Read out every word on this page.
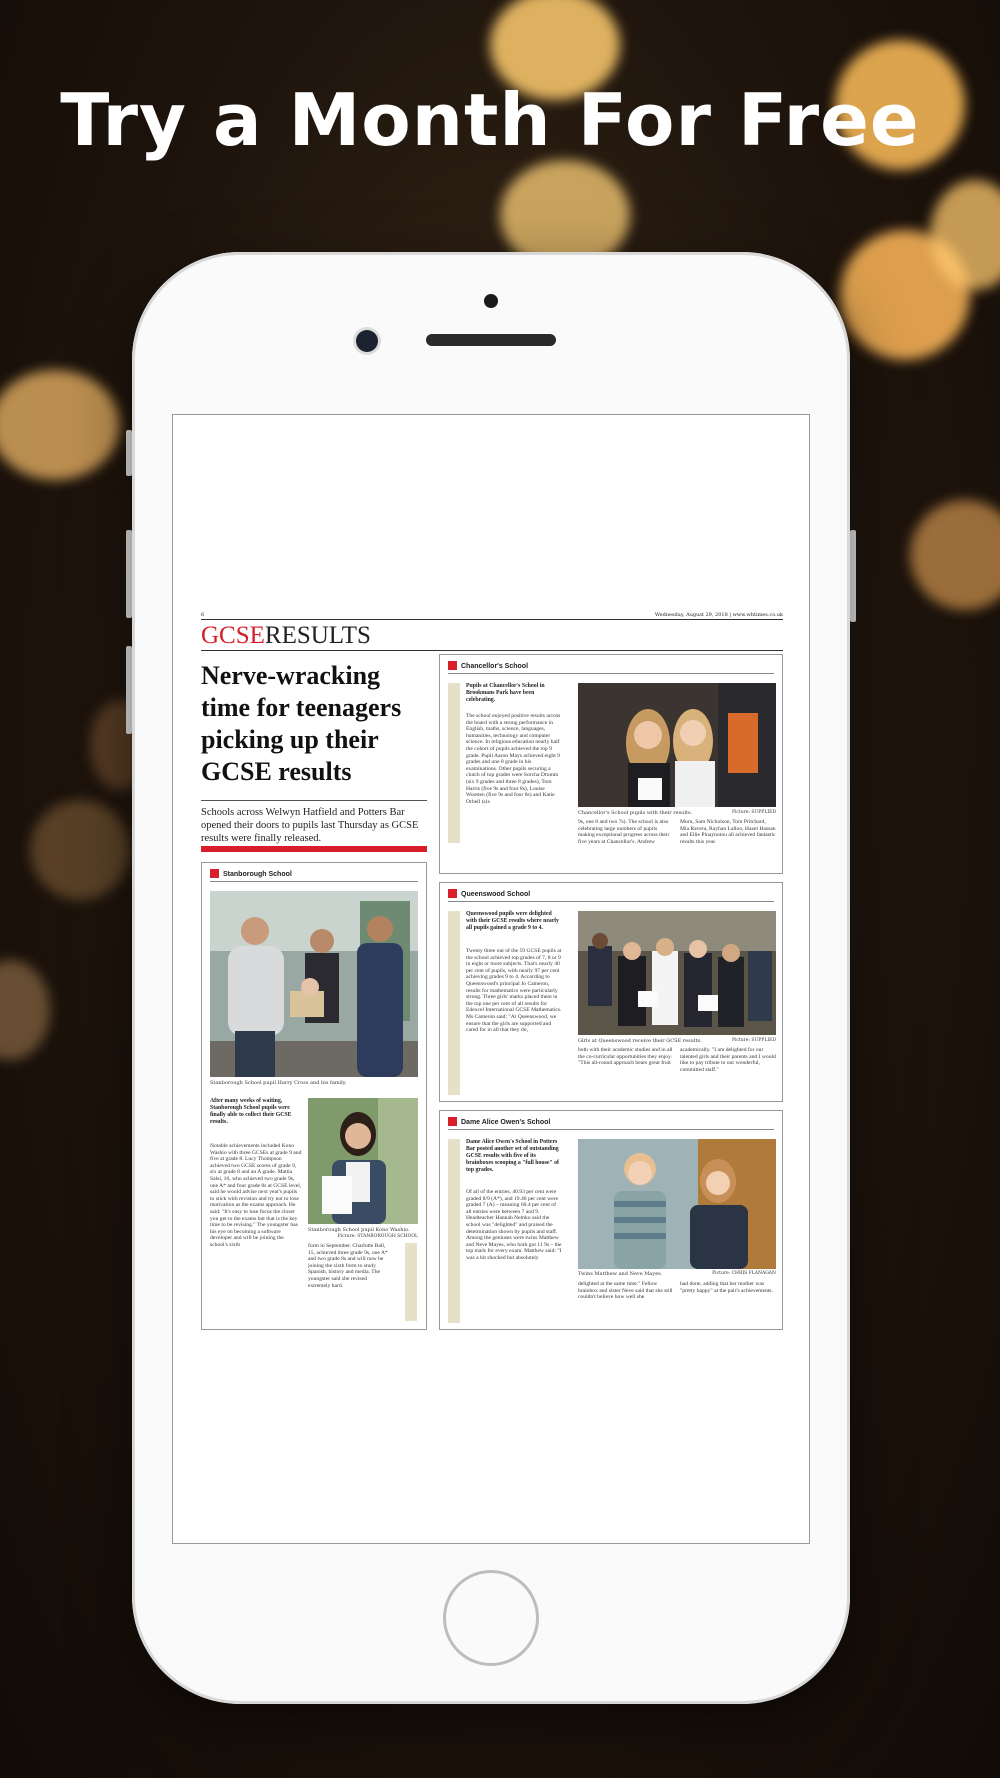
Try a Month For Free
6	Wednesday, August 29, 2018 | www.whtimes.co.uk
GCSERESULTS
Nerve-wracking time for teenagers picking up their GCSE results
Schools across Welwyn Hatfield and Potters Bar opened their doors to pupils last Thursday as GCSE results were finally released.
Stanborough School
Stanborough School pupil Harry Cross and his family.
After many weeks of waiting, Stanborough School pupils were finally able to collect their GCSE results.
Notable achievements included Kono Washio with three GCSEs at grade 9 and five at grade 8. Lucy Thompson achieved two GCSE scores of grade 9, six at grade 8 and an A grade. Mattia Salsi, 16, who achieved two grade 9s, one A* and four grade 8s at GCSE level, said he would advise next year's pupils to stick with revision and try not to lose motivation as the exams approach. He said: "It's easy to lose focus the closer you get to the exams but that is the key time to be revising." The youngster has his eye on becoming a software developer and will be joining the school's sixth
Stanborough School pupil Kono Washio.
Picture: STANBOROUGH SCHOOL
form in September. Charlotte Ball, 15, achieved three grade 9s, one A* and two grade 8s and will now be joining the sixth form to study Spanish, history and media. The youngster said she revised extremely hard.
Chancellor's School
Pupils at Chancellor's School in Brookmans Park have been celebrating.
The school enjoyed positive results across the board with a strong performance in English, maths, science, languages, humanities, technology and computer science. In religious education nearly half the cohort of pupils achieved the top 9 grade. Pupil Aaron Mays achieved eight 9 grades and one 8 grade in his examinations. Other pupils securing a clutch of top grades were Sorcha Drumm (six 9 grades and three 8 grades), Tom Harris (five 9s and four 8s), Louise Wootten (five 9s and four 8s) and Katie Orbell (six
Chancellor's School pupils with their results.	Picture: SUPPLIED
9s, one 8 and two 7s). The school is also celebrating large numbers of pupils making exceptional progress across their five years at Chancellor's. Andrew
Muru, Sam Nicholson, Tom Pritchard, Mia Ravera, Rayhan Lalloo, Hazel Hassan and Ellie Pinaynotou all achieved fantastic results this year.
Queenswood School
Queenswood pupils were delighted with their GCSE results where nearly all pupils gained a grade 9 to 4.
Twenty three out of the 59 GCSE pupils at the school achieved top grades of 7, 8 or 9 in eight or more subjects. That's nearly 40 per cent of pupils, with nearly 97 per cent achieving grades 9 to 4. According to Queenswood's principal Jo Cameron, results for mathematics were particularly strong. Three girls' marks placed them in the top one per cent of all results for Edexcel International GCSE Mathematics. Ms Cameron said: "At Queenswood, we ensure that the girls are supported and cared for in all that they do,
Girls at Queenswood receive their GCSE results.	Picture: SUPPLIED
both with their academic studies and in all the co-curricular opportunities they enjoy. "This all-round approach bears great fruit
academically. "I am delighted for our talented girls and their parents and I would like to pay tribute to our wonderful, committed staff."
Dame Alice Owen's School
Dame Alice Owen's School in Potters Bar posted another set of outstanding GCSE results with five of its brainboxes scooping a "full house" of top grades.
Of all of the entries, 40.93 per cent were graded 8/9 (A*), and 19.46 per cent were graded 7 (A) – meaning 60.4 per cent of all entries were between 7 and 9. Headteacher Hannah Nemko said the school was "delighted" and praised the determination shown by pupils and staff. Among the geniuses were twins Matthew and Neve Mayes, who both got 11 9s – the top mark for every exam. Matthew said: "I was a bit shocked but absolutely
Twins Matthew and Neve Mayes.	Picture: CHRIS FLANAGAN
delighted at the same time." Fellow brainbox and sister Neve said that she still couldn't believe how well she
had done, adding that her mother was "pretty happy" at the pair's achievements.
